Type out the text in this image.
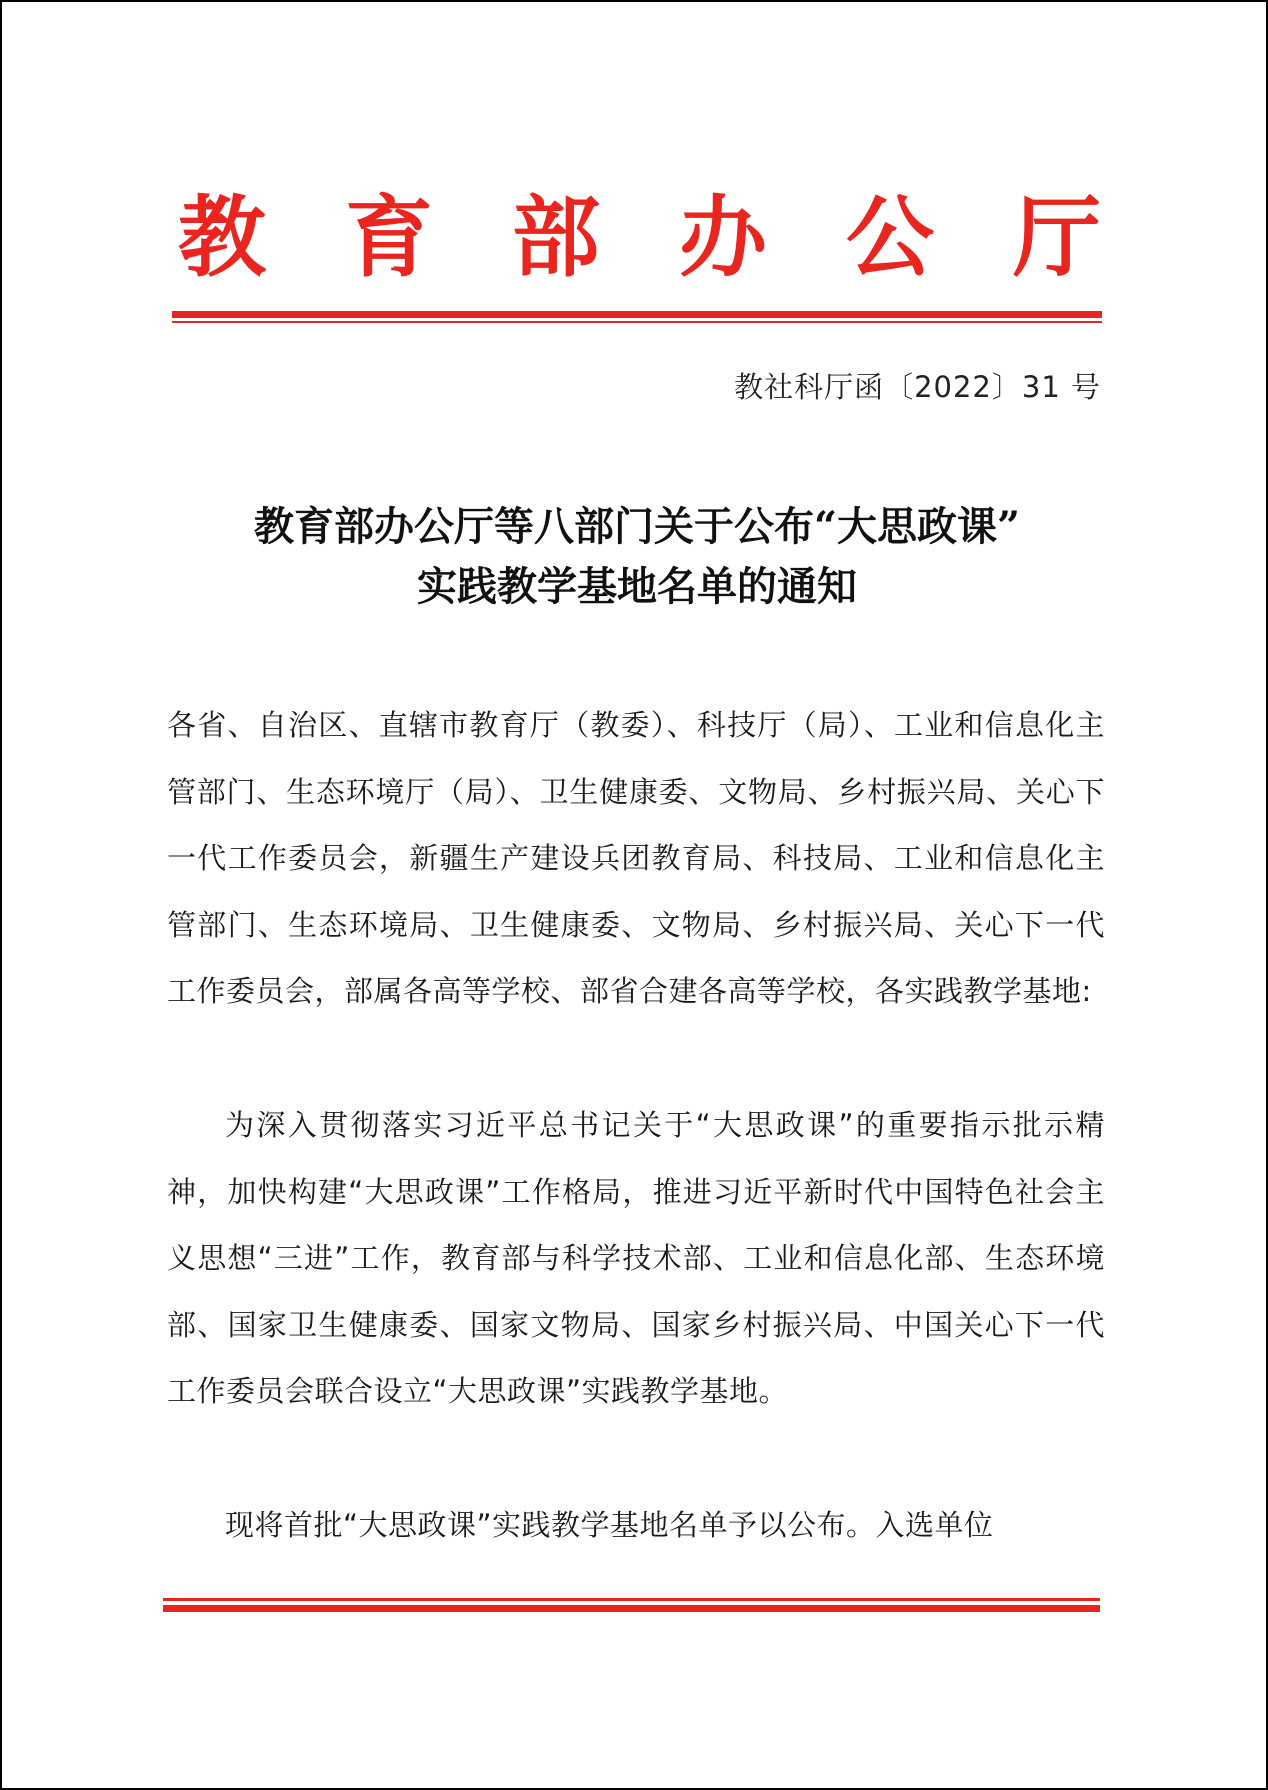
教 育 部 办 公 厅
教社科厅函〔2022〕31 号
教育部办公厅等八部门关于公布“大思政课”
实践教学基地名单的通知
各省、自治区、直辖市教育厅（教委）、科技厅（局）、工业和信息化主管部门、生态环境厅（局）、卫生健康委、文物局、乡村振兴局、关心下一代工作委员会，新疆生产建设兵团教育局、科技局、工业和信息化主管部门、生态环境局、卫生健康委、文物局、乡村振兴局、关心下一代工作委员会，部属各高等学校、部省合建各高等学校，各实践教学基地:
为深入贯彻落实习近平总书记关于“大思政课”的重要指示批示精神，加快构建“大思政课”工作格局，推进习近平新时代中国特色社会主义思想“三进”工作，教育部与科学技术部、工业和信息化部、生态环境部、国家卫生健康委、国家文物局、国家乡村振兴局、中国关心下一代工作委员会联合设立“大思政课”实践教学基地。
现将首批“大思政课”实践教学基地名单予以公布。入选单位
